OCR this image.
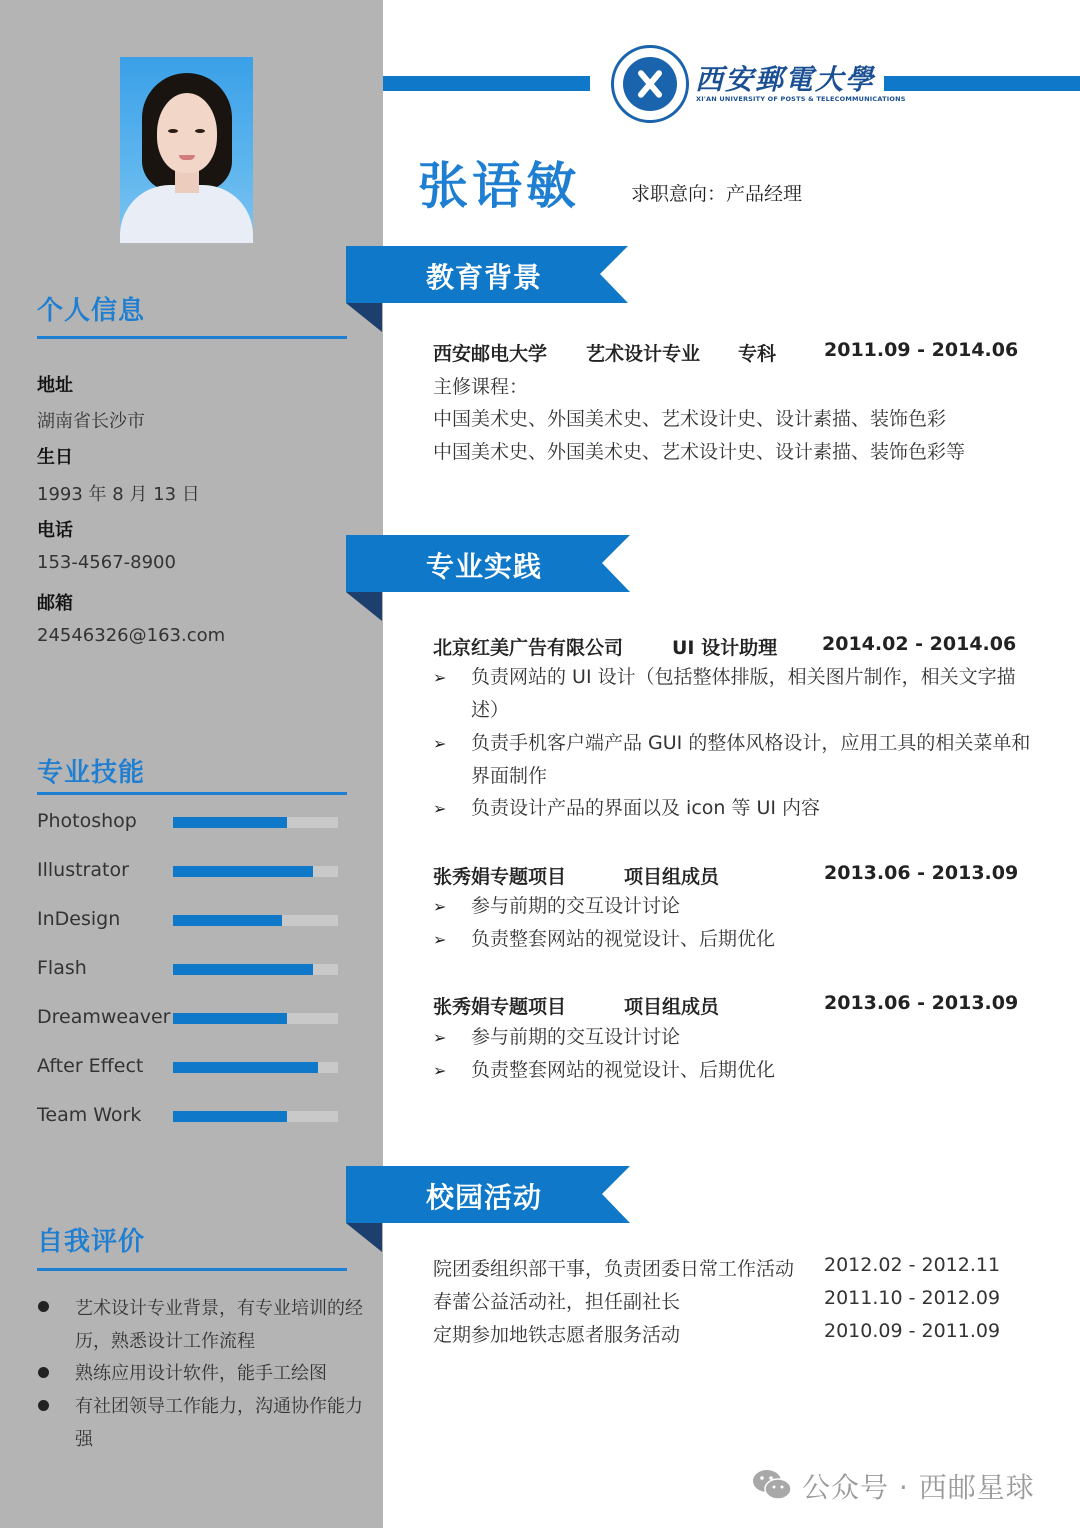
个人信息
地址
湖南省长沙市
生日
1993 年 8 月 13 日
电话
153-4567-8900
邮箱
24546326@163.com
专业技能
Photoshop
Illustrator
InDesign
Flash
Dreamweaver
After Effect
Team Work
自我评价
艺术设计专业背景，有专业培训的经历，熟悉设计工作流程
熟练应用设计软件，能手工绘图
有社团领导工作能力，沟通协作能力强
西安郵電大學
XI'AN UNIVERSITY OF POSTS & TELECOMMUNICATIONS
张语敏	求职意向：产品经理
教育背景
西安邮电大学 艺术设计专业 专科	2011.09 - 2014.06
主修课程：
中国美术史、外国美术史、艺术设计史、设计素描、装饰色彩
中国美术史、外国美术史、艺术设计史、设计素描、装饰色彩等
专业实践
北京红美广告有限公司	UI 设计助理 2014.02 - 2014.06
➢ 负责网站的 UI 设计（包括整体排版，相关图片制作，相关文字描述）
➢ 负责手机客户端产品 GUI 的整体风格设计，应用工具的相关菜单和界面制作
➢ 负责设计产品的界面以及 icon 等 UI 内容
张秀娟专题项目	项目组成员	2013.06 - 2013.09
➢ 参与前期的交互设计讨论
➢ 负责整套网站的视觉设计、后期优化
张秀娟专题项目	项目组成员	2013.06 - 2013.09
➢ 参与前期的交互设计讨论
➢ 负责整套网站的视觉设计、后期优化
校园活动
院团委组织部干事，负责团委日常工作活动 2012.02 - 2012.11
春蕾公益活动社，担任副社长	2011.10 - 2012.09
定期参加地铁志愿者服务活动	2010.09 - 2011.09
公众号 · 西邮星球
